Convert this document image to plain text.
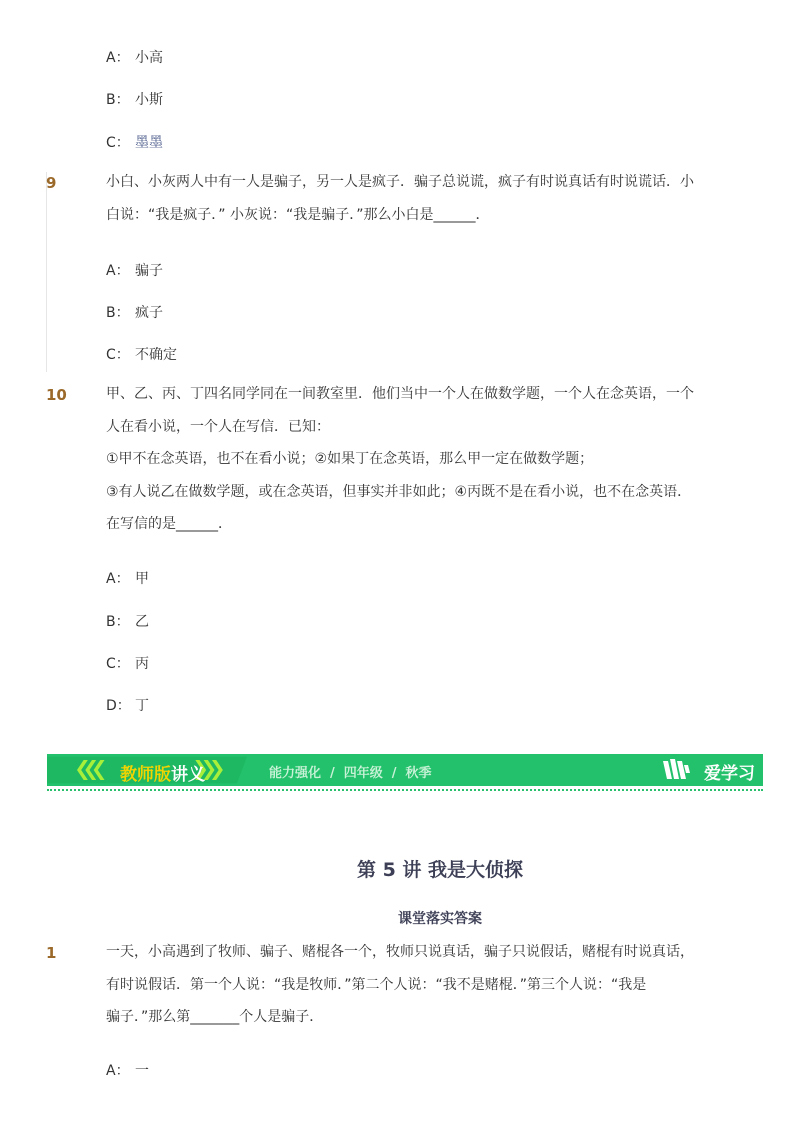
A： 小高
B： 小斯
C： 墨墨
9	小白、小灰两人中有一人是骗子，另一人是疯子．骗子总说谎，疯子有时说真话有时说谎话．小

白说：“我是疯子．” 小灰说：“我是骗子．”那么小白是______．

A： 骗子
B： 疯子
C： 不确定
10	甲、乙、丙、丁四名同学同在一间教室里．他们当中一个人在做数学题，一个人在念英语，一个

人在看小说，一个人在写信．已知：

①甲不在念英语，也不在看小说；②如果丁在念英语，那么甲一定在做数学题；

③有人说乙在做数学题，或在念英语，但事实并非如此；④丙既不是在看小说，也不在念英语．

在写信的是______．

A： 甲
B： 乙
C： 丙
D： 丁
教师版讲义	能力强化 / 四年级 / 秋季	爱学习
第 5 讲 我是大侦探
课堂落实答案
1	一天，小高遇到了牧师、骗子、赌棍各一个，牧师只说真话，骗子只说假话，赌棍有时说真话，

有时说假话．第一个人说：“我是牧师．”第二个人说：“我不是赌棍．”第三个人说：“我是

骗子．”那么第_______个人是骗子．

A： 一
